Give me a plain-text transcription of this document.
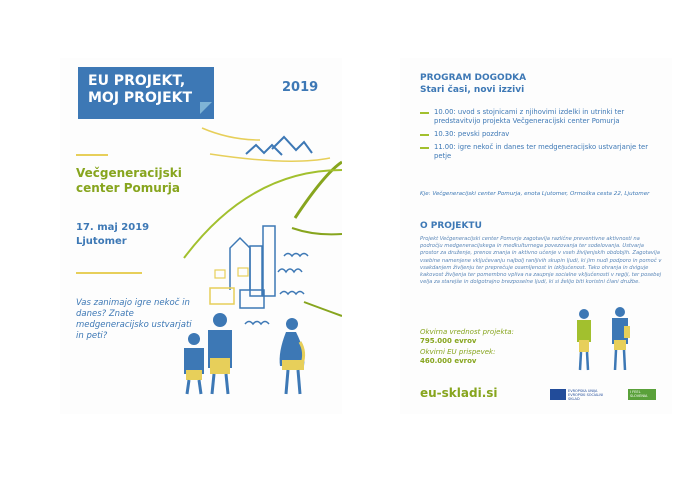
EU PROJEKT,
MOJ PROJEKT
2019
Večgeneracijski
center Pomurja
17. maj 2019
Ljutomer
Vas zanimajo igre nekoč in danes? Znate medgeneracijsko ustvarjati in peti?
PROGRAM DOGODKA
Stari časi, novi izzivi
10.00: uvod s stojnicami z njihovimi izdelki in utrinki ter predstavitvijo projekta Večgeneracijski center Pomurja
10.30: pevski pozdrav
11.00: igre nekoč in danes ter medgeneracijsko ustvarjanje ter petje
Kje: Večgeneracijski center Pomurja, enota Ljutomer, Ormoška cesta 22, Ljutomer
O PROJEKTU
Projekt Večgeneracijski center Pomurje zagotavlja različne preventivne aktivnosti na področju medgeneracijskega in medkulturnega povezovanja ter sodelovanja. Ustvarja prostor za druženje, prenos znanja in aktivno učenje v vseh življenjskih obdobjih. Zagotavlja vsebine namenjene vključevanju najbolj ranljivih skupin ljudi, ki jim nudi podporo in pomoč v vsakdanjem življenju ter preprečuje osamljenost in izključenost. Tako ohranja in dviguje kakovost življenja ter pomembno vpliva na zaupnje socialne vključenosti v regiji, ter posebej velja za starejše in dolgotrajno brezposelne ljudi, ki si želijo biti koristni člani družbe.
Okvirna vrednost projekta:
795.000 evrov
Okvirni EU prispevek:
460.000 evrov
eu-skladi.si	EVROPSKA UNIJA EVROPSKI SOCIALNI SKLAD
I FEEL SLOVENIA
